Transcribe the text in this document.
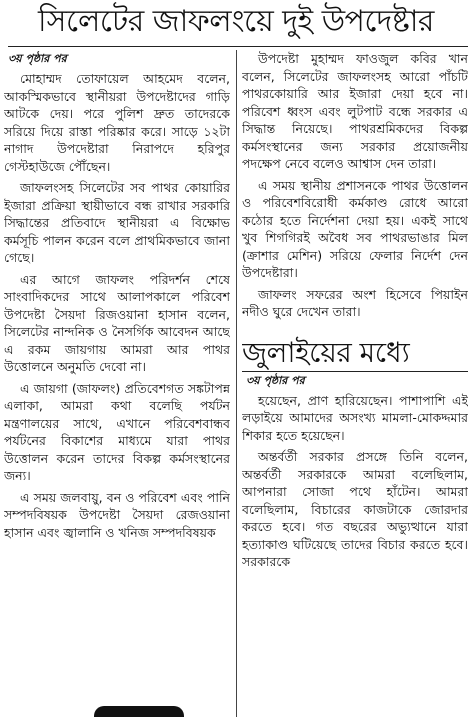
সিলেটের জাফলংয়ে দুই উপদেষ্টার
৩য় পৃষ্ঠার পর

মোহাম্মদ তোফায়েল আহমেদ বলেন, আকস্মিকভাবে স্থানীয়রা উপদেষ্টাদের গাড়ি আটকে দেয়। পরে পুলিশ দ্রুত তাদেরকে সরিয়ে দিয়ে রাস্তা পরিষ্কার করে। সাড়ে ১২টা নাগাদ উপদেষ্টারা নিরাপদে হরিপুর গেস্টহাউজে পৌঁছেন।

জাফলংসহ সিলেটের সব পাথর কোয়ারির ইজারা প্রক্রিয়া স্থায়ীভাবে বন্ধ রাখার সরকারি সিদ্ধান্তের প্রতিবাদে স্থানীয়রা এ বিক্ষোভ কর্মসূচি পালন করেন বলে প্রাথমিকভাবে জানা গেছে।

এর আগে জাফলং পরিদর্শন শেষে সাংবাদিকদের সাথে আলাপকালে পরিবেশ উপদেষ্টা সৈয়দা রিজওয়ানা হাসান বলেন, সিলেটের নান্দনিক ও নৈসর্গিক আবেদন আছে এ রকম জায়গায় আমরা আর পাথর উত্তোলনে অনুমতি দেবো না।

এ জায়গা (জাফলং) প্রতিবেশগত সঙ্কটাপন্ন এলাকা, আমরা কথা বলেছি পর্যটন মন্ত্রণালয়ের সাথে, এখানে পরিবেশবান্ধব পর্যটনের বিকাশের মাধ্যমে যারা পাথর উত্তোলন করেন তাদের বিকল্প কর্মসংস্থানের জন্য।

এ সময় জলবায়ু, বন ও পরিবেশ এবং পানি সম্পদবিষয়ক উপদেষ্টা সৈয়দা রেজওয়ানা হাসান এবং জ্বালানি ও খনিজ সম্পদবিষয়ক

উপদেষ্টা মুহাম্মদ ফাওজুল কবির খান বলেন, সিলেটের জাফলংসহ আরো পাঁচটি পাথরকোয়ারি আর ইজারা দেয়া হবে না। পরিবেশ ধ্বংস এবং লুটপাট বন্ধে সরকার এ সিদ্ধান্ত নিয়েছে। পাথরশ্রমিকদের বিকল্প কর্মসংস্থানের জন্য সরকার প্রয়োজনীয় পদক্ষেপ নেবে বলেও আশ্বাস দেন তারা।

এ সময় স্থানীয় প্রশাসনকে পাথর উত্তোলন ও পরিবেশবিরোধী কর্মকাণ্ড রোধে আরো কঠোর হতে নির্দেশনা দেয়া হয়। একই সাথে খুব শিগগিরই অবৈধ সব পাথরভাঙার মিল (ক্রাশার মেশিন) সরিয়ে ফেলার নির্দেশ দেন উপদেষ্টারা।

জাফলং সফরের অংশ হিসেবে পিয়াইন নদীও ঘুরে দেখেন তারা।

জুলাইয়ের মধ্যে
৩য় পৃষ্ঠার পর

হয়েছেন, প্রাণ হারিয়েছেন। পাশাপাশি এই লড়াইয়ে আমাদের অসংখ্য মামলা-মোকদ্দমার শিকার হতে হয়েছেন।

অন্তর্বর্তী সরকার প্রসঙ্গে তিনি বলেন, অন্তর্বর্তী সরকারকে আমরা বলেছিলাম, আপনারা সোজা পথে হাঁটেন। আমরা বলেছিলাম, বিচারের কাজটাকে জোরদার করতে হবে। গত বছরের অভ্যুত্থানে যারা হত্যাকাণ্ড ঘটিয়েছে তাদের বিচার করতে হবে। সরকারকে
